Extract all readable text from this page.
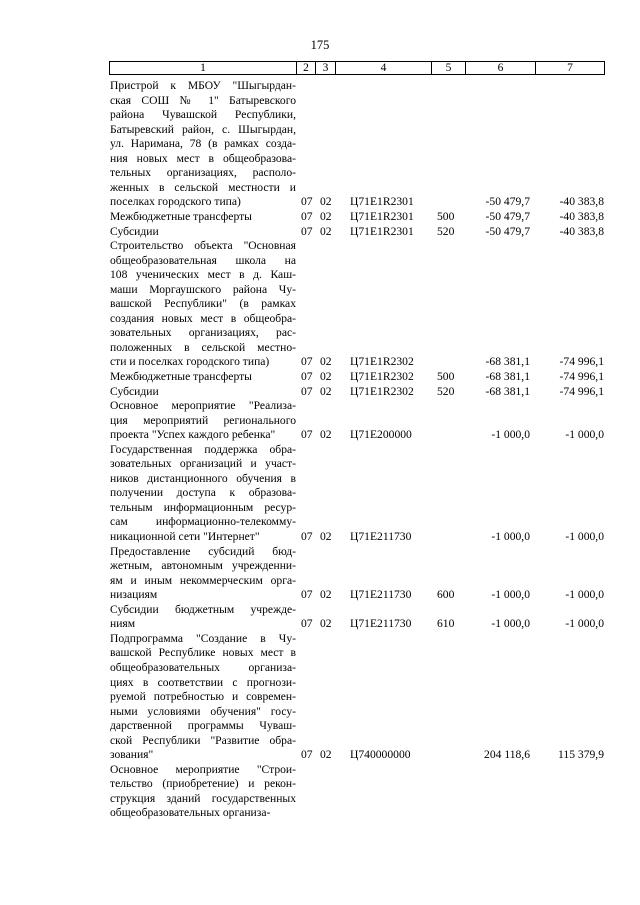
175
1	2	3	4	5	6	7
Пристрой к МБОУ "Шыгырдан-
ская СОШ № 1" Батыревского
района Чувашской Республики,
Батыревский район, с. Шыгырдан,
ул. Наримана, 78 (в рамках созда-
ния новых мест в общеобразова-
тельных организациях, располо-
женных в сельской местности и
поселках городского типа)	07 02 Ц71Е1R2301	-50 479,7	-40 383,8
Межбюджетные трансферты	07 02 Ц71Е1R2301	500	-50 479,7	-40 383,8
Субсидии	07 02 Ц71Е1R2301	520	-50 479,7	-40 383,8
Строительство объекта "Основная
общеобразовательная школа на
108 ученических мест в д. Каш-
маши Моргаушского района Чу-
вашской Республики" (в рамках
создания новых мест в общеобра-
зовательных организациях, рас-
положенных в сельской местно-
сти и поселках городского типа)	07 02 Ц71Е1R2302	-68 381,1	-74 996,1
Межбюджетные трансферты	07 02 Ц71Е1R2302	500	-68 381,1	-74 996,1
Субсидии	07 02 Ц71Е1R2302	520	-68 381,1	-74 996,1
Основное мероприятие "Реализа-
ция мероприятий регионального
проекта "Успех каждого ребенка"	07 02 Ц71Е200000	-1 000,0	-1 000,0
Государственная поддержка обра-
зовательных организаций и участ-
ников дистанционного обучения в
получении доступа к образова-
тельным информационным ресур-
сам информационно-телекомму-
никационной сети "Интернет"	07 02 Ц71Е211730	-1 000,0	-1 000,0
Предоставление субсидий бюд-
жетным, автономным учрежденни-
ям и иным некоммерческим орга-
низациям	07 02 Ц71Е211730	600	-1 000,0	-1 000,0
Субсидии бюджетным учрежде-
ниям	07 02 Ц71Е211730	610	-1 000,0	-1 000,0
Подпрограмма "Создание в Чу-
вашской Республике новых мест в
общеобразовательных организа-
циях в соответствии с прогнози-
руемой потребностью и современ-
ными условиями обучения" госу-
дарственной программы Чуваш-
ской Республики "Развитие обра-
зования"	07 02 Ц740000000	204 118,6	115 379,9
Основное мероприятие "Строи-
тельство (приобретение) и рекон-
струкция зданий государственных
общеобразовательных организа-
